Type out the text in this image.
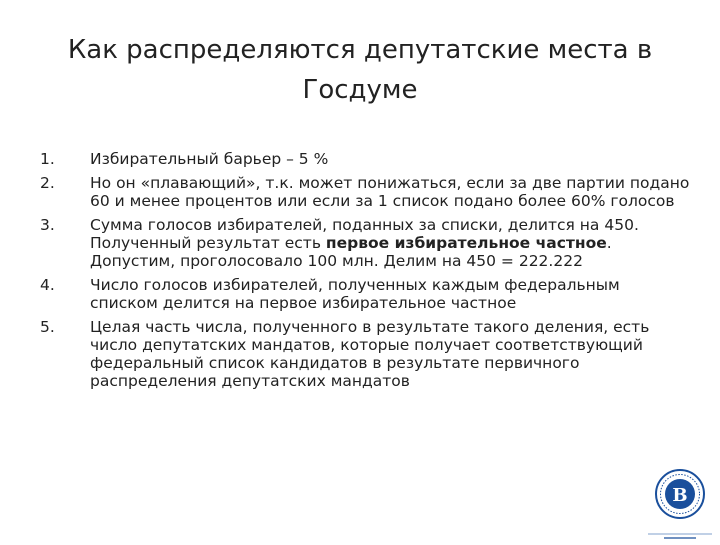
Как распределяются депутатские места в
Госдуме
1.	Избирательный барьер – 5 %
2.	Но он «плавающий», т.к. может понижаться, если за две партии подано 60 и менее процентов или если за 1 список подано более 60% голосов
3.	Сумма голосов избирателей, поданных за списки, делится на 450. Полученный результат есть первое избирательное частное. Допустим, проголосовало 100 млн. Делим на 450 = 222.222
4.	Число голосов избирателей, полученных каждым федеральным списком делится на первое избирательное частное
5.	Целая часть числа, полученного в результате такого деления, есть число депутатских мандатов, которые получает соответствующий федеральный список кандидатов в результате первичного распределения депутатских мандатов
В
